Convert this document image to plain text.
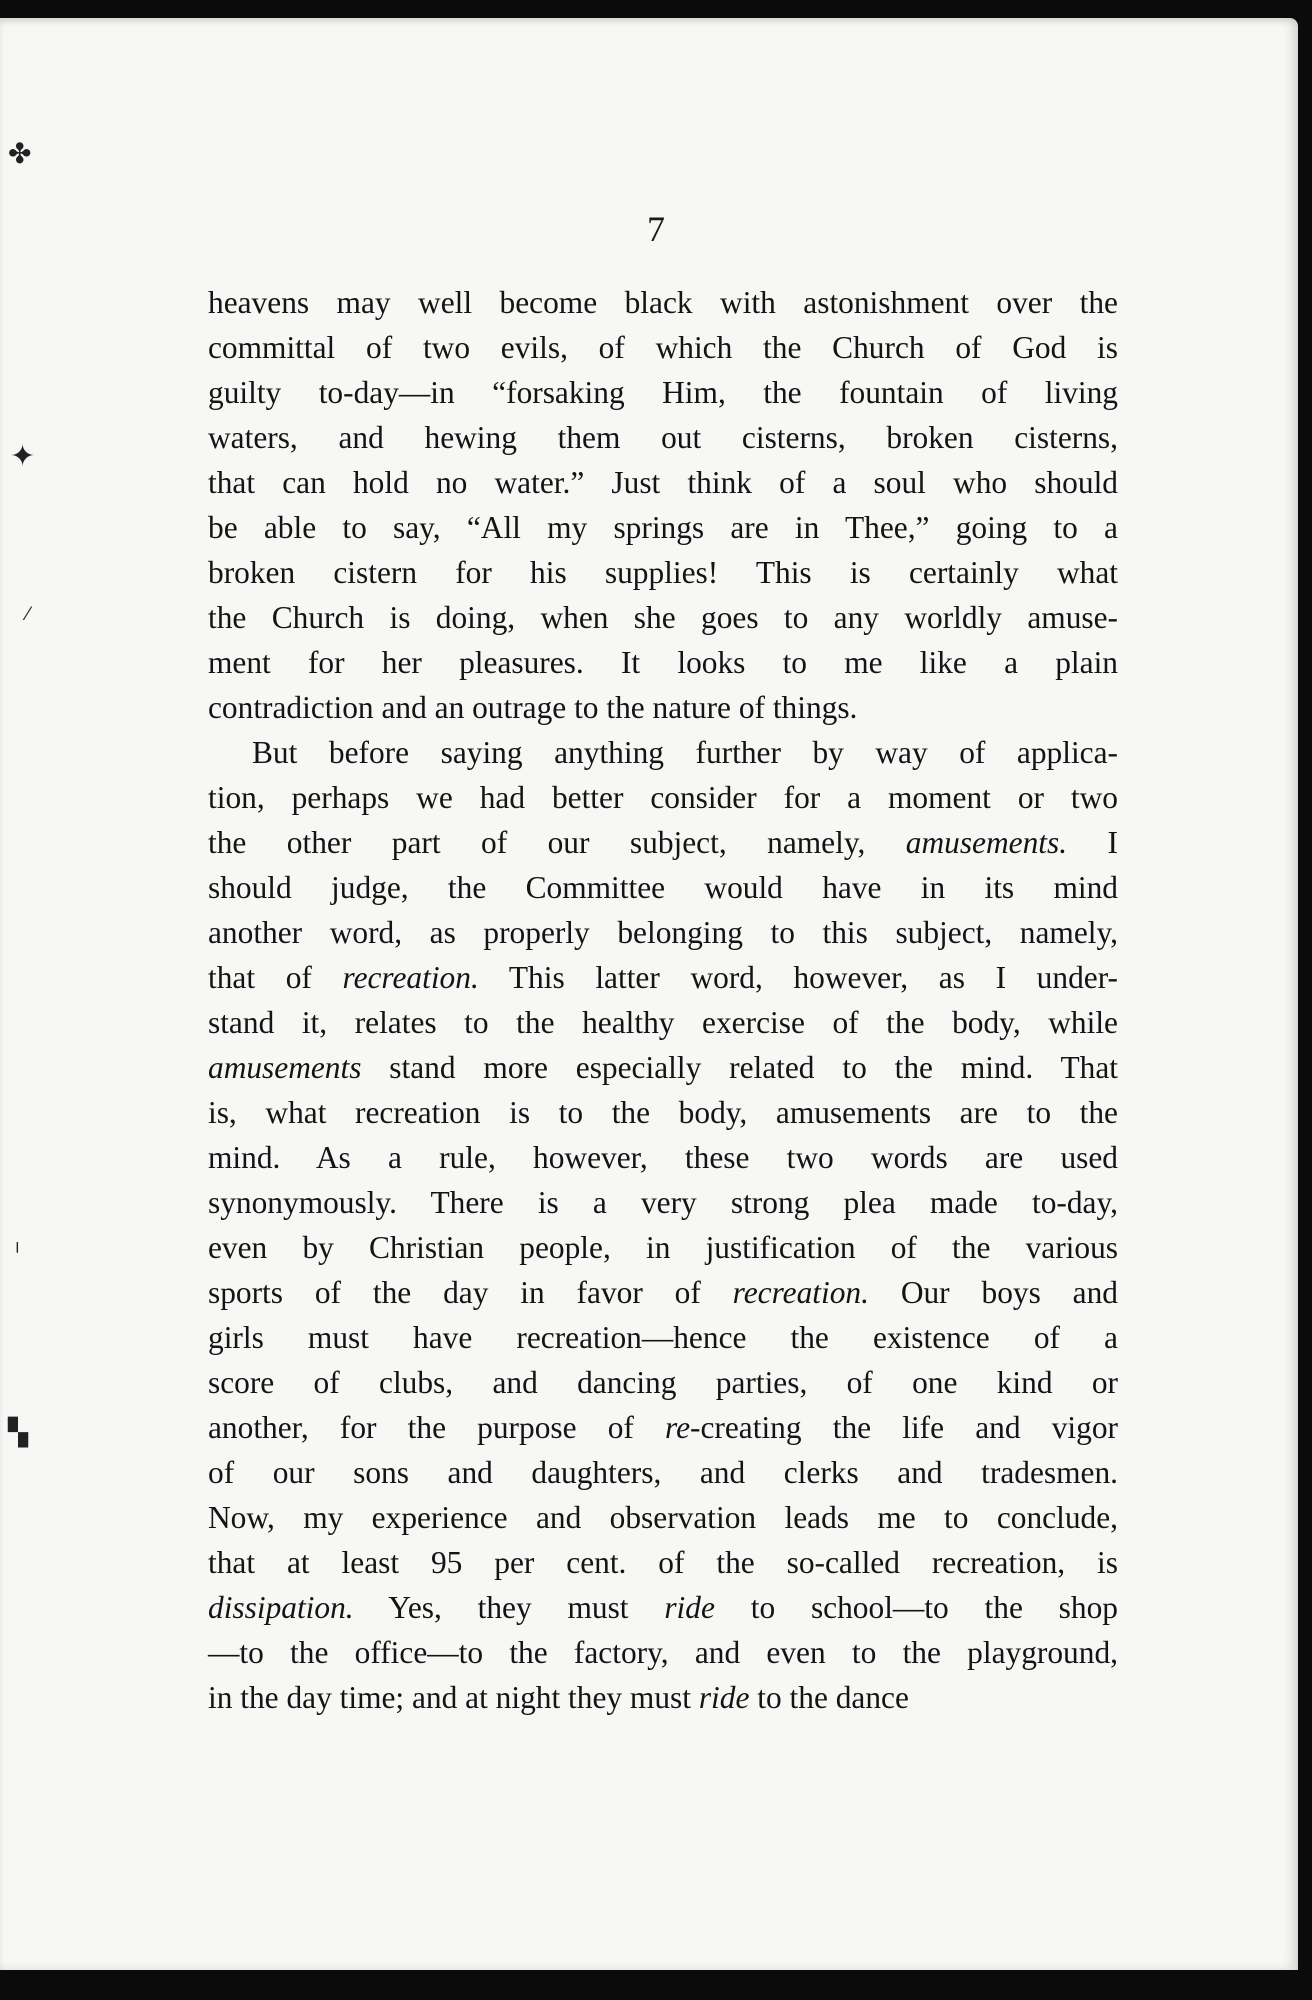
✤
✦
⁄
╵
▚
7
heavens may well become black with astonishment over the
committal of two evils, of which the Church of God is
guilty to-day—in “forsaking Him, the fountain of living
waters, and hewing them out cisterns, broken cisterns,
that can hold no water.” Just think of a soul who should
be able to say, “All my springs are in Thee,” going to a
broken cistern for his supplies! This is certainly what
the Church is doing, when she goes to any worldly amuse-
ment for her pleasures. It looks to me like a plain
contradiction and an outrage to the nature of things.
But before saying anything further by way of applica-
tion, perhaps we had better consider for a moment or two
the other part of our subject, namely, amusements. I
should judge, the Committee would have in its mind
another word, as properly belonging to this subject, namely,
that of recreation. This latter word, however, as I under-
stand it, relates to the healthy exercise of the body, while
amusements stand more especially related to the mind. That
is, what recreation is to the body, amusements are to the
mind. As a rule, however, these two words are used
synonymously. There is a very strong plea made to-day,
even by Christian people, in justification of the various
sports of the day in favor of recreation. Our boys and
girls must have recreation—hence the existence of a
score of clubs, and dancing parties, of one kind or
another, for the purpose of re-creating the life and vigor
of our sons and daughters, and clerks and tradesmen.
Now, my experience and observation leads me to conclude,
that at least 95 per cent. of the so-called recreation, is
dissipation. Yes, they must ride to school—to the shop
—to the office—to the factory, and even to the playground,
in the day time; and at night they must ride to the dance
